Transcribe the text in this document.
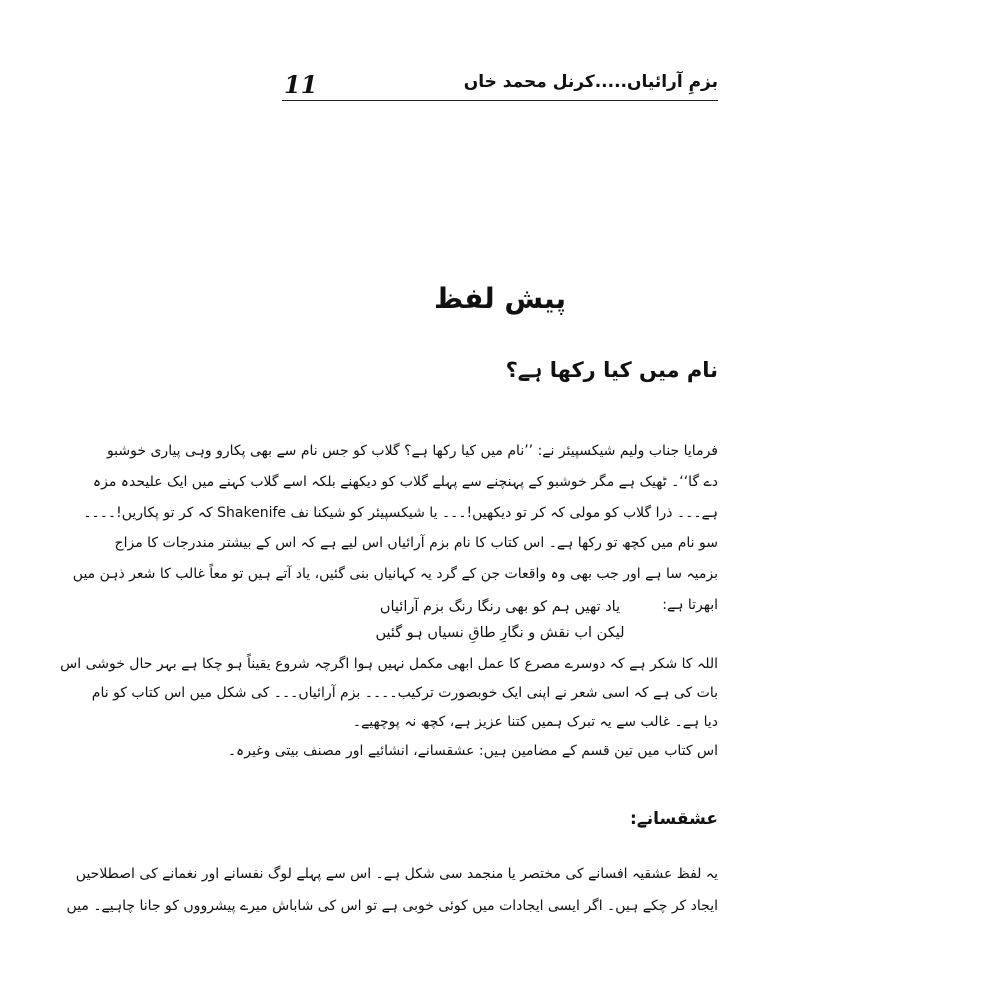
11	بزمِ آرائیاں.....کرنل محمد خاں
پیش لفظ
نام میں کیا رکھا ہے؟
فرمایا جناب ولیم شیکسپیئر نے: ’’نام میں کیا رکھا ہے؟ گلاب کو جس نام سے بھی پکارو وہی پیاری خوشبو
دے گا‘‘۔ ٹھیک ہے مگر خوشبو کے پہنچنے سے پہلے گلاب کو دیکھنے بلکہ اسے گلاب کہنے میں ایک علیحدہ مزہ
ہے۔۔۔ ذرا گلاب کو مولی کہ کر تو دیکھیں!۔۔۔ یا شیکسپیئر کو شیکنا نف Shakenife کہ کر تو پکاریں!۔۔۔۔
سو نام میں کچھ تو رکھا ہے۔ اس کتاب کا نام بزم آرائیاں اس لیے ہے کہ اس کے بیشتر مندرجات کا مزاج
بزمیہ سا ہے اور جب بھی وہ واقعات جن کے گرد یہ کہانیاں بنی گئیں، یاد آتے ہیں تو معاً غالب کا شعر ذہن میں
ابھرتا ہے:
یاد تھیں ہم کو بھی رنگا رنگ بزم آرائیاں
لیکن اب نقش و نگارِ طاقِ نسیاں ہو گئیں
اللہ کا شکر ہے کہ دوسرے مصرع کا عمل ابھی مکمل نہیں ہوا اگرچہ شروع یقیناً ہو چکا ہے بہر حال خوشی اس
بات کی ہے کہ اسی شعر نے اپنی ایک خوبصورت ترکیب۔۔۔۔ بزم آرائیاں۔۔۔ کی شکل میں اس کتاب کو نام
دیا ہے۔ غالب سے یہ تبرک ہمیں کتنا عزیز ہے، کچھ نہ پوچھیے۔
اس کتاب میں تین قسم کے مضامین ہیں: عشقسانے، انشائیے اور مصنف بیتی وغیرہ۔
عشقسانے:
یہ لفظ عشقیہ افسانے کی مختصر یا منجمد سی شکل ہے۔ اس سے پہلے لوگ نفسانے اور نغمانے کی اصطلاحیں
ایجاد کر چکے ہیں۔ اگر ایسی ایجادات میں کوئی خوبی ہے تو اس کی شاباش میرے پیشرووں کو جانا چاہیے۔ میں
